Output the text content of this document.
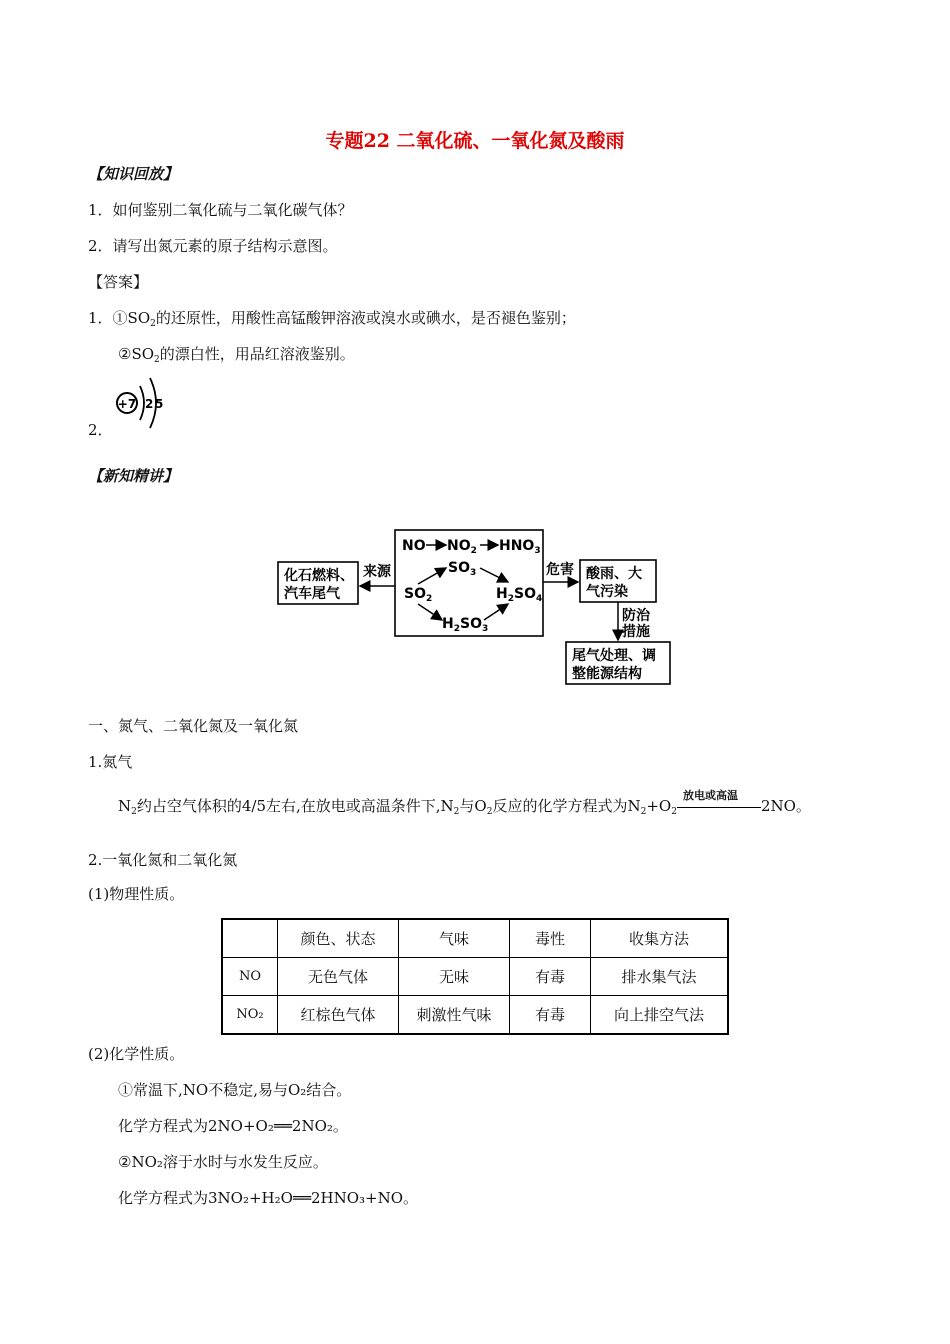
专题22 二氧化硫、一氧化氮及酸雨
【知识回放】
1．如何鉴别二氧化硫与二氧化碳气体？
2．请写出氮元素的原子结构示意图。
【答案】
1．$①SO_2$的还原性，用酸性高锰酸钾溶液或溴水或碘水，是否褪色鉴别；
$②SO_2$的漂白性，用品红溶液鉴别。
+7 2 5
2．
【新知精讲】
NO $NO_2$ $HNO_3$
$SO_3$
$SO_2$	$H_2SO_4$
$H_2SO_3$
化石燃料、
汽车尾气
来源	危害 酸雨、大
气污染
防治
措施
尾气处理、调
整能源结构
一、氮气、二氧化氮及一氧化氮
1.氮气
$N_2$约占空气体积的4/5左右,在放电或高温条件下$,N_2$与$O_2$反应的化学方程式为$N_2+O_2$
放电或高温
2NO。
2.一氧化氮和二氧化氮
(1)物理性质。
	颜色、状态	气味	毒性	收集方法
NO	无色气体	无味	有毒	排水集气法
NO₂	红棕色气体	刺激性气味	有毒	向上排空气法
(2)化学性质。
①常温下,NO不稳定,易与O₂结合。
化学方程式为2NO+O₂══2NO₂。
②NO₂溶于水时与水发生反应。
化学方程式为3NO₂+H₂O══2HNO₃+NO。
